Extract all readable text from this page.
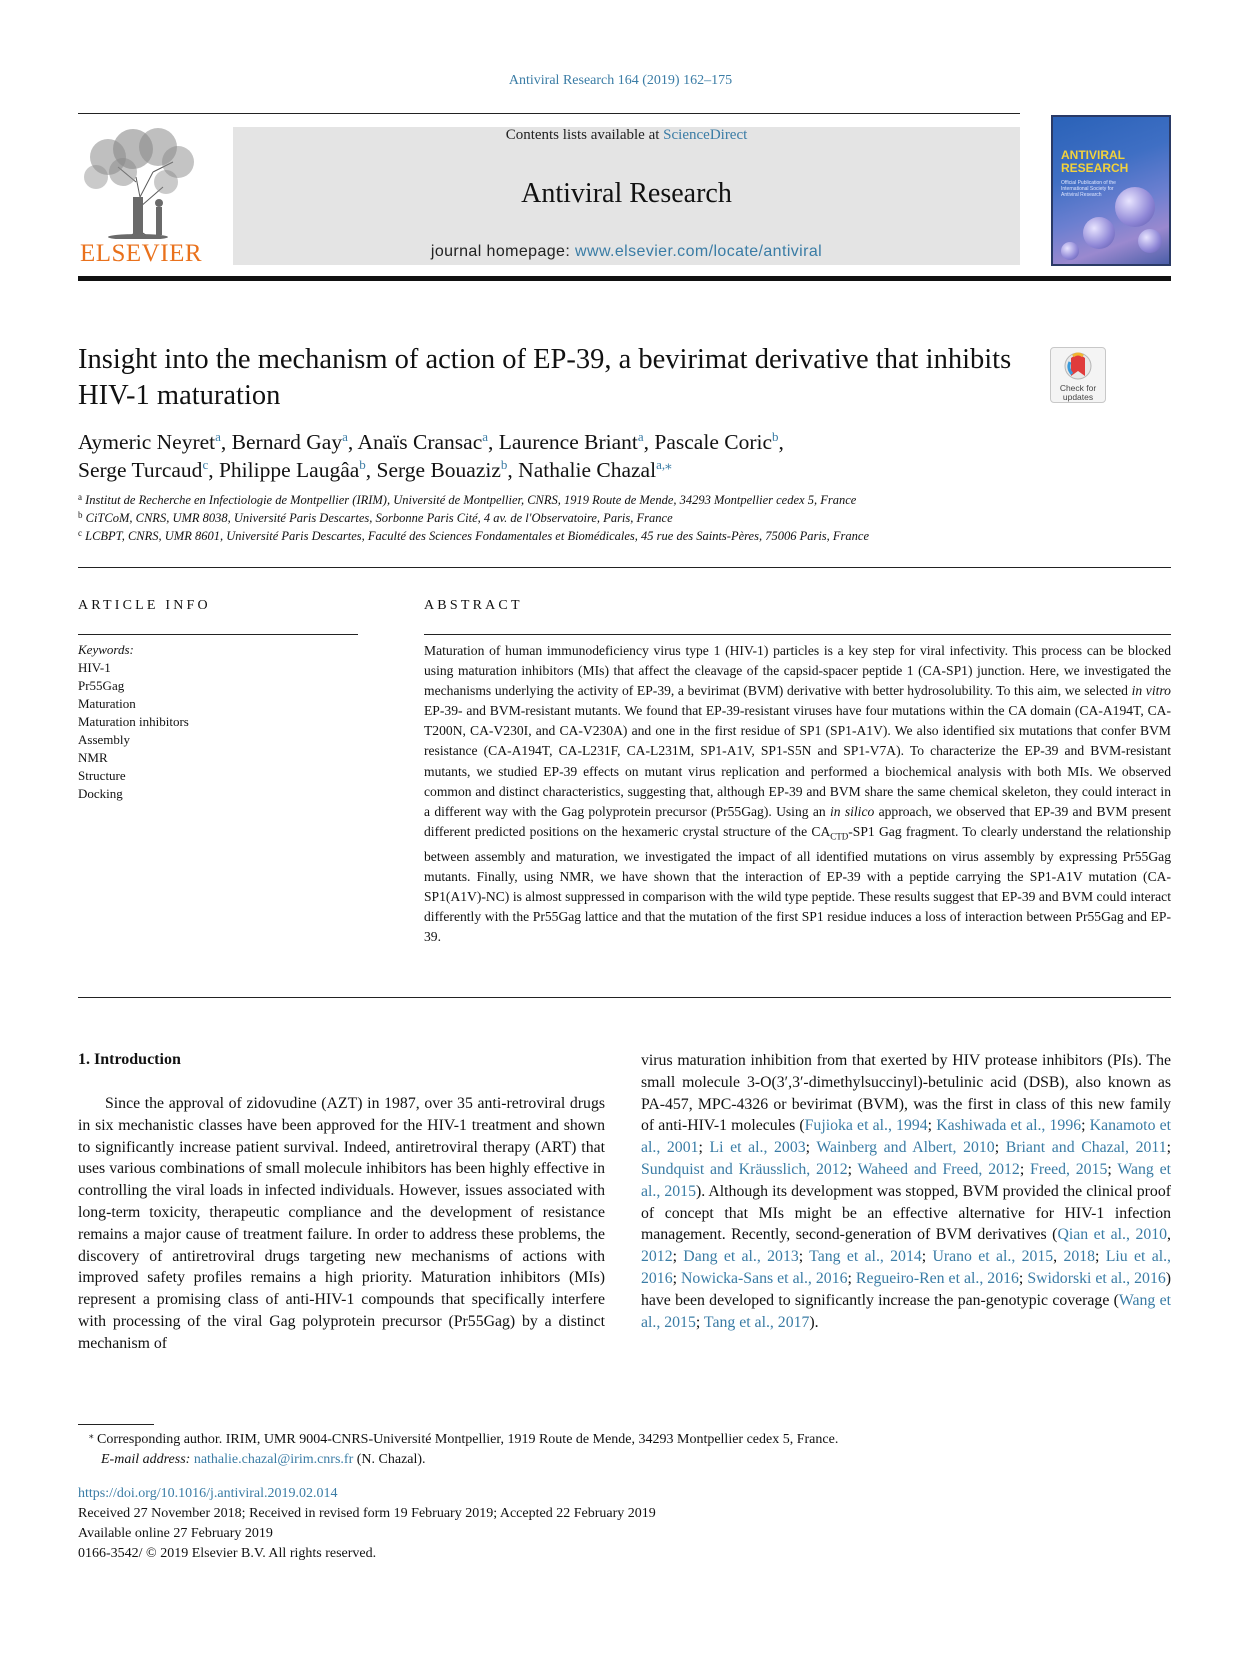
Antiviral Research 164 (2019) 162–175
ELSEVIER
Contents lists available at ScienceDirect
Antiviral Research
journal homepage: www.elsevier.com/locate/antiviral
ANTIVIRAL RESEARCH
Official Publication of the International Society for Antiviral Research
Insight into the mechanism of action of EP-39, a bevirimat derivative that inhibits HIV-1 maturation	Check for updates
Aymeric Neyret$^a$, Bernard Gay$^a$, Anaïs Cransac$^a$, Laurence Briant$^a$, Pascale Coric$^b$,
Serge Turcaud$^c$, Philippe Laugâa$^b$, Serge Bouaziz$^b$, Nathalie Chazal$^{a,⁎}$
$^a$ Institut de Recherche en Infectiologie de Montpellier (IRIM), Université de Montpellier, CNRS, 1919 Route de Mende, 34293 Montpellier cedex 5, France
$^b$ CiTCoM, CNRS, UMR 8038, Université Paris Descartes, Sorbonne Paris Cité, 4 av. de l'Observatoire, Paris, France
$^c$ LCBPT, CNRS, UMR 8601, Université Paris Descartes, Faculté des Sciences Fondamentales et Biomédicales, 45 rue des Saints-Pères, 75006 Paris, France
ARTICLE INFO
Keywords:
HIV-1
Pr55Gag
Maturation
Maturation inhibitors
Assembly
NMR
Structure
Docking
ABSTRACT
Maturation of human immunodeficiency virus type 1 (HIV-1) particles is a key step for viral infectivity. This process can be blocked using maturation inhibitors (MIs) that affect the cleavage of the capsid-spacer peptide 1 (CA-SP1) junction. Here, we investigated the mechanisms underlying the activity of EP-39, a bevirimat (BVM) derivative with better hydrosolubility. To this aim, we selected in vitro EP-39- and BVM-resistant mutants. We found that EP-39-resistant viruses have four mutations within the CA domain (CA-A194T, CA-T200N, CA-V230I, and CA-V230A) and one in the first residue of SP1 (SP1-A1V). We also identified six mutations that confer BVM resistance (CA-A194T, CA-L231F, CA-L231M, SP1-A1V, SP1-S5N and SP1-V7A). To characterize the EP-39 and BVM-resistant mutants, we studied EP-39 effects on mutant virus replication and performed a biochemical analysis with both MIs. We observed common and distinct characteristics, suggesting that, although EP-39 and BVM share the same chemical skeleton, they could interact in a different way with the Gag polyprotein precursor (Pr55Gag). Using an in silico approach, we observed that EP-39 and BVM present different predicted positions on the hexameric crystal structure of the $CA_{CTD}-SP1$ Gag fragment. To clearly understand the relationship between assembly and maturation, we investigated the impact of all identified mutations on virus assembly by expressing Pr55Gag mutants. Finally, using NMR, we have shown that the interaction of EP-39 with a peptide carrying the SP1-A1V mutation (CA-SP1(A1V)-NC) is almost suppressed in comparison with the wild type peptide. These results suggest that EP-39 and BVM could interact differently with the Pr55Gag lattice and that the mutation of the first SP1 residue induces a loss of interaction between Pr55Gag and EP-39.
1. Introduction
Since the approval of zidovudine (AZT) in 1987, over 35 anti-retroviral drugs in six mechanistic classes have been approved for the HIV-1 treatment and shown to significantly increase patient survival. Indeed, antiretroviral therapy (ART) that uses various combinations of small molecule inhibitors has been highly effective in controlling the viral loads in infected individuals. However, issues associated with long-term toxicity, therapeutic compliance and the development of resistance remains a major cause of treatment failure. In order to address these problems, the discovery of antiretroviral drugs targeting new mechanisms of actions with improved safety profiles remains a high priority. Maturation inhibitors (MIs) represent a promising class of anti-HIV-1 compounds that specifically interfere with processing of the viral Gag polyprotein precursor (Pr55Gag) by a distinct mechanism of
virus maturation inhibition from that exerted by HIV protease inhibitors (PIs). The small molecule 3-O(3′,3′-dimethylsuccinyl)-betulinic acid (DSB), also known as PA-457, MPC-4326 or bevirimat (BVM), was the first in class of this new family of anti-HIV-1 molecules (Fujioka et al., 1994; Kashiwada et al., 1996; Kanamoto et al., 2001; Li et al., 2003; Wainberg and Albert, 2010; Briant and Chazal, 2011; Sundquist and Kräusslich, 2012; Waheed and Freed, 2012; Freed, 2015; Wang et al., 2015). Although its development was stopped, BVM provided the clinical proof of concept that MIs might be an effective alternative for HIV-1 infection management. Recently, second-generation of BVM derivatives (Qian et al., 2010, 2012; Dang et al., 2013; Tang et al., 2014; Urano et al., 2015, 2018; Liu et al., 2016; Nowicka-Sans et al., 2016; Regueiro-Ren et al., 2016; Swidorski et al., 2016) have been developed to significantly increase the pan-genotypic coverage (Wang et al., 2015; Tang et al., 2017).
⁎ Corresponding author. IRIM, UMR 9004-CNRS-Université Montpellier, 1919 Route de Mende, 34293 Montpellier cedex 5, France.
E-mail address: nathalie.chazal@irim.cnrs.fr (N. Chazal).
https://doi.org/10.1016/j.antiviral.2019.02.014
Received 27 November 2018; Received in revised form 19 February 2019; Accepted 22 February 2019
Available online 27 February 2019
0166-3542/ © 2019 Elsevier B.V. All rights reserved.
